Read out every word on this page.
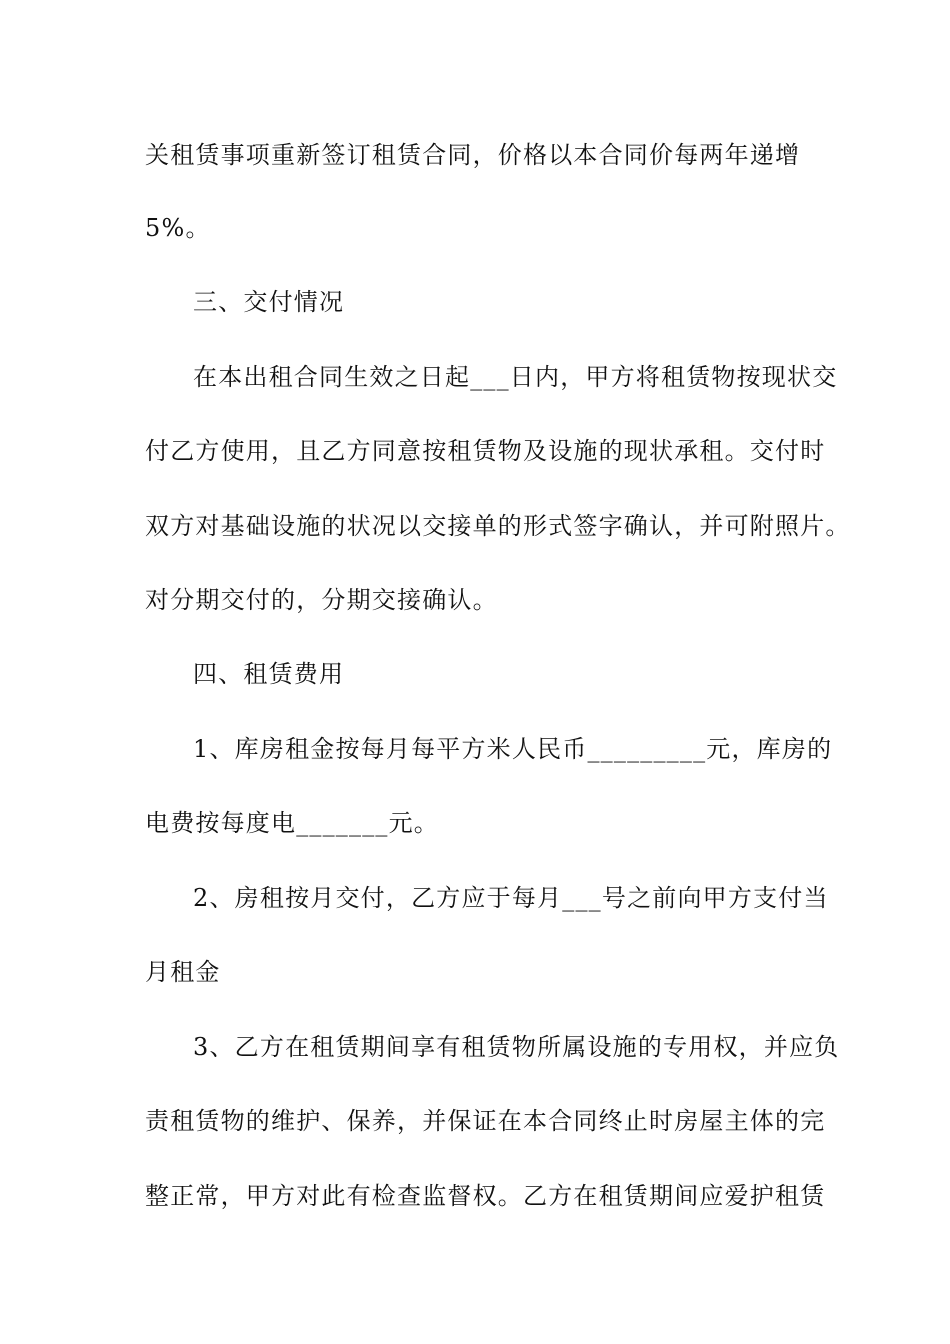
关租赁事项重新签订租赁合同，价格以本合同价每两年递增
5%。
三、交付情况
在本出租合同生效之日起___日内，甲方将租赁物按现状交
付乙方使用，且乙方同意按租赁物及设施的现状承租。交付时
双方对基础设施的状况以交接单的形式签字确认，并可附照片。
对分期交付的，分期交接确认。
四、租赁费用
1、库房租金按每月每平方米人民币_________元，库房的
电费按每度电_______元。
2、房租按月交付，乙方应于每月___号之前向甲方支付当
月租金
3、乙方在租赁期间享有租赁物所属设施的专用权，并应负
责租赁物的维护、保养，并保证在本合同终止时房屋主体的完
整正常，甲方对此有检查监督权。乙方在租赁期间应爱护租赁
